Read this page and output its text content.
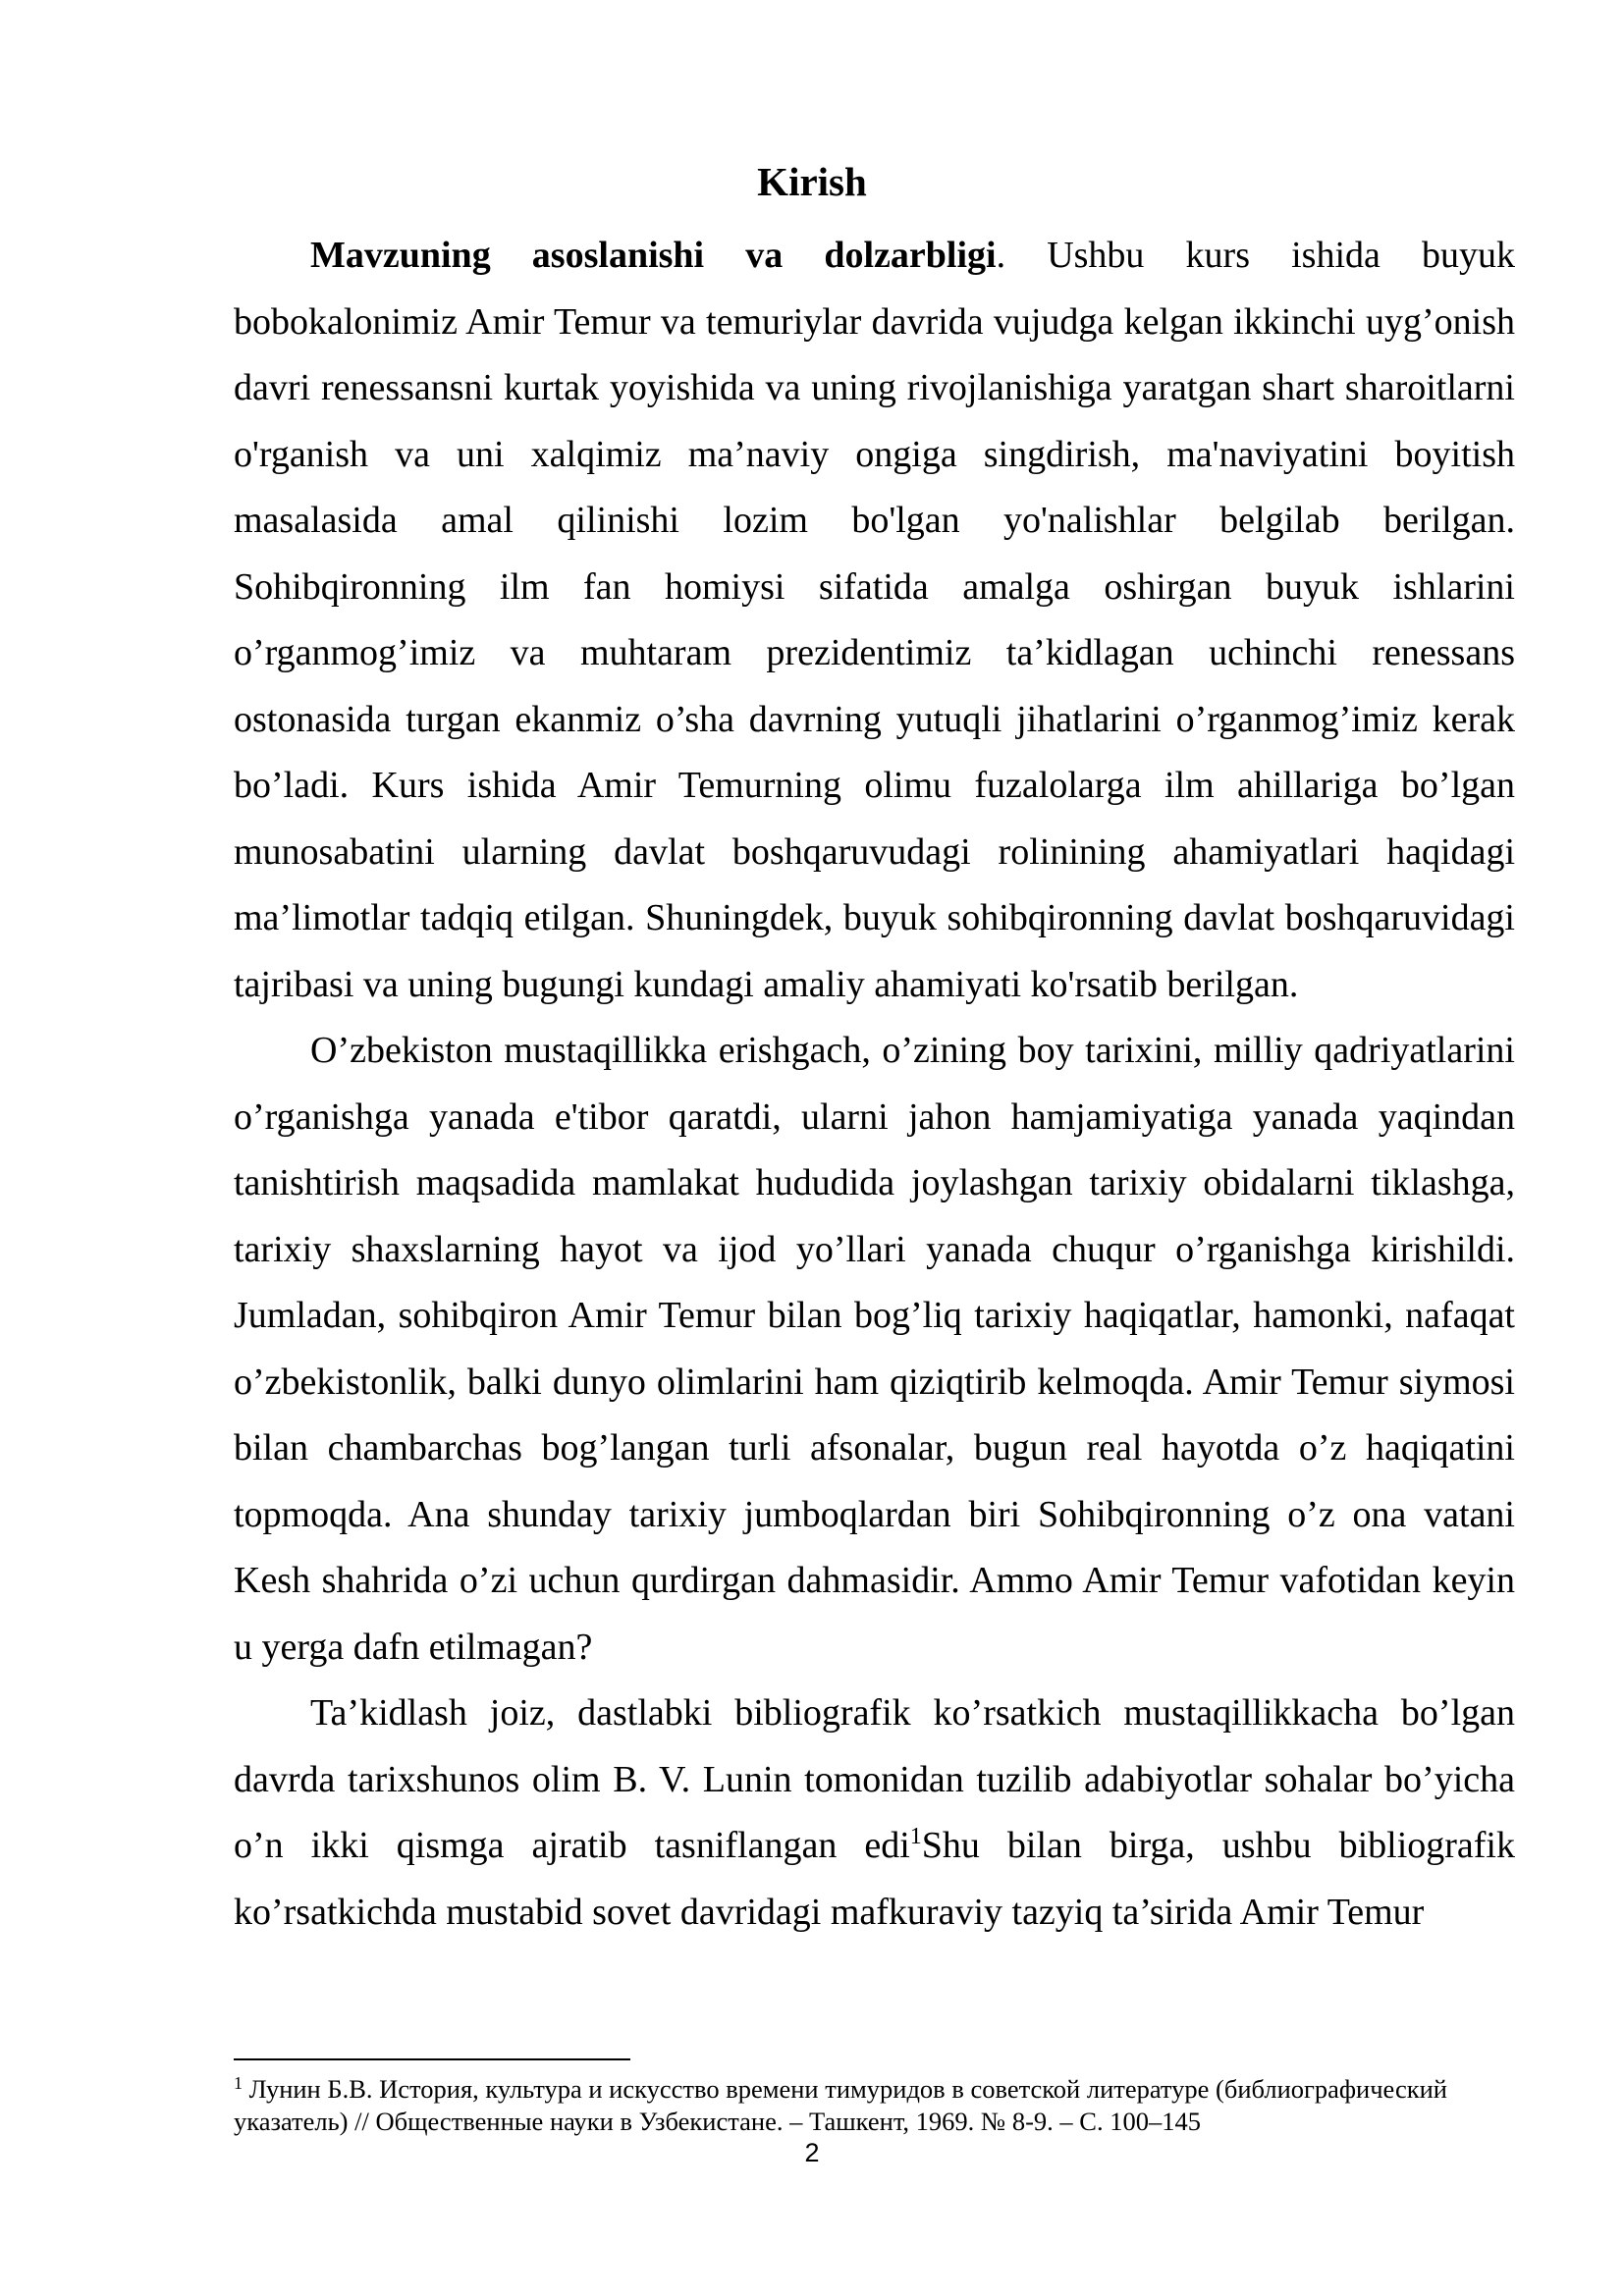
Kirish

Mavzuning asoslanishi va dolzarbligi. Ushbu kurs ishida buyuk bobokalonimiz Amir Temur va temuriylar davrida vujudga kelgan ikkinchi uyg’onish davri renessansni kurtak yoyishida va uning rivojlanishiga yaratgan shart sharoitlarni o'rganish va uni xalqimiz ma’naviy ongiga singdirish, ma'naviyatini boyitish masalasida amal qilinishi lozim bo'lgan yo'nalishlar belgilab berilgan. Sohibqironning ilm fan homiysi sifatida amalga oshirgan buyuk ishlarini o’rganmog’imiz va muhtaram prezidentimiz ta’kidlagan uchinchi renessans ostonasida turgan ekanmiz o’sha davrning yutuqli jihatlarini o’rganmog’imiz kerak bo’ladi. Kurs ishida Amir Temurning olimu fuzalolarga ilm ahillariga bo’lgan munosabatini ularning davlat boshqaruvudagi rolinining ahamiyatlari haqidagi ma’limotlar tadqiq etilgan. Shuningdek, buyuk sohibqironning davlat boshqaruvidagi tajribasi va uning bugungi kundagi amaliy ahamiyati ko'rsatib berilgan.

O’zbekiston mustaqillikka erishgach, o’zining boy tarixini, milliy qadriyatlarini o’rganishga yanada e'tibor qaratdi, ularni jahon hamjamiyatiga yanada yaqindan tanishtirish maqsadida mamlakat hududida joylashgan tarixiy obidalarni tiklashga, tarixiy shaxslarning hayot va ijod yo’llari yanada chuqur o’rganishga kirishildi. Jumladan, sohibqiron Amir Temur bilan bog’liq tarixiy haqiqatlar, hamonki, nafaqat o’zbekistonlik, balki dunyo olimlarini ham qiziqtirib kelmoqda. Amir Temur siymosi bilan chambarchas bog’langan turli afsonalar, bugun real hayotda o’z haqiqatini topmoqda. Ana shunday tarixiy jumboqlardan biri Sohibqironning o’z ona vatani Kesh shahrida o’zi uchun qurdirgan dahmasidir. Ammo Amir Temur vafotidan keyin u yerga dafn etilmagan?

Ta’kidlash joiz, dastlabki bibliografik ko’rsatkich mustaqillikkacha bo’lgan davrda tarixshunos olim B. V. Lunin tomonidan tuzilib adabiyotlar sohalar bo’yicha o’n ikki qismga ajratib tasniflangan edi$^1$Shu bilan birga, ushbu bibliografik ko’rsatkichda mustabid sovet davridagi mafkuraviy tazyiq ta’sirida Amir Temur

$^1$ Лунин Б.В. История, культура и искусство времени тимуридов в советской литературе (библиографический указатель) // Общественные науки в Узбекистане. – Ташкент, 1969. № 8-9. – С. 100–145

2
